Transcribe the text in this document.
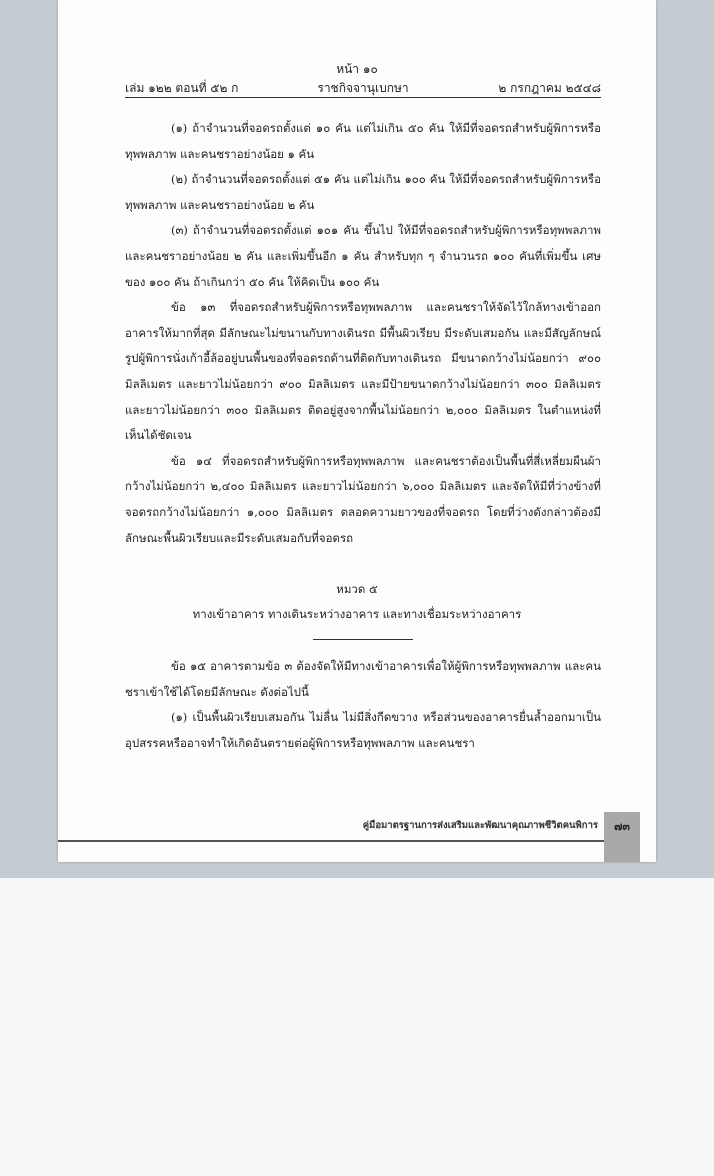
หน้า ๑๐
ราชกิจจานุเบกษา
เล่ม ๑๒๒ ตอนที่ ๕๒ ก	๒ กรกฎาคม ๒๕๔๘

(๑) ถ้าจำนวนที่จอดรถตั้งแต่ ๑๐ คัน แต่ไม่เกิน ๕๐ คัน ให้มีที่จอดรถสำหรับผู้พิการหรือทุพพลภาพ และคนชราอย่างน้อย ๑ คัน

(๒) ถ้าจำนวนที่จอดรถตั้งแต่ ๕๑ คัน แต่ไม่เกิน ๑๐๐ คัน ให้มีที่จอดรถสำหรับผู้พิการหรือทุพพลภาพ และคนชราอย่างน้อย ๒ คัน

(๓) ถ้าจำนวนที่จอดรถตั้งแต่ ๑๐๑ คัน ขึ้นไป ให้มีที่จอดรถสำหรับผู้พิการหรือทุพพลภาพ และคนชราอย่างน้อย ๒ คัน และเพิ่มขึ้นอีก ๑ คัน สำหรับทุก ๆ จำนวนรถ ๑๐๐ คันที่เพิ่มขึ้น เศษของ ๑๐๐ คัน ถ้าเกินกว่า ๕๐ คัน ให้คิดเป็น ๑๐๐ คัน

ข้อ ๑๓ ที่จอดรถสำหรับผู้พิการหรือทุพพลภาพ และคนชราให้จัดไว้ใกล้ทางเข้าออกอาคารให้มากที่สุด มีลักษณะไม่ขนานกับทางเดินรถ มีพื้นผิวเรียบ มีระดับเสมอกัน และมีสัญลักษณ์รูปผู้พิการนั่งเก้าอี้ล้ออยู่บนพื้นของที่จอดรถด้านที่ติดกับทางเดินรถ มีขนาดกว้างไม่น้อยกว่า ๙๐๐ มิลลิเมตร และยาวไม่น้อยกว่า ๙๐๐ มิลลิเมตร และมีป้ายขนาดกว้างไม่น้อยกว่า ๓๐๐ มิลลิเมตร และยาวไม่น้อยกว่า ๓๐๐ มิลลิเมตร ติดอยู่สูงจากพื้นไม่น้อยกว่า ๒,๐๐๐ มิลลิเมตร ในตำแหน่งที่เห็นได้ชัดเจน

ข้อ ๑๔ ที่จอดรถสำหรับผู้พิการหรือทุพพลภาพ และคนชราต้องเป็นพื้นที่สี่เหลี่ยมผืนผ้ากว้างไม่น้อยกว่า ๒,๔๐๐ มิลลิเมตร และยาวไม่น้อยกว่า ๖,๐๐๐ มิลลิเมตร และจัดให้มีที่ว่างข้างที่จอดรถกว้างไม่น้อยกว่า ๑,๐๐๐ มิลลิเมตร ตลอดความยาวของที่จอดรถ โดยที่ว่างดังกล่าวต้องมีลักษณะพื้นผิวเรียบและมีระดับเสมอกับที่จอดรถ

หมวด ๕
ทางเข้าอาคาร ทางเดินระหว่างอาคาร และทางเชื่อมระหว่างอาคาร

ข้อ ๑๕ อาคารตามข้อ ๓ ต้องจัดให้มีทางเข้าอาคารเพื่อให้ผู้พิการหรือทุพพลภาพ และคนชราเข้าใช้ได้โดยมีลักษณะ ดังต่อไปนี้

(๑) เป็นพื้นผิวเรียบเสมอกัน ไม่ลื่น ไม่มีสิ่งกีดขวาง หรือส่วนของอาคารยื่นล้ำออกมาเป็นอุปสรรคหรืออาจทำให้เกิดอันตรายต่อผู้พิการหรือทุพพลภาพ และคนชรา

คู่มือมาตรฐานการส่งเสริมและพัฒนาคุณภาพชีวิตคนพิการ	๗๓
